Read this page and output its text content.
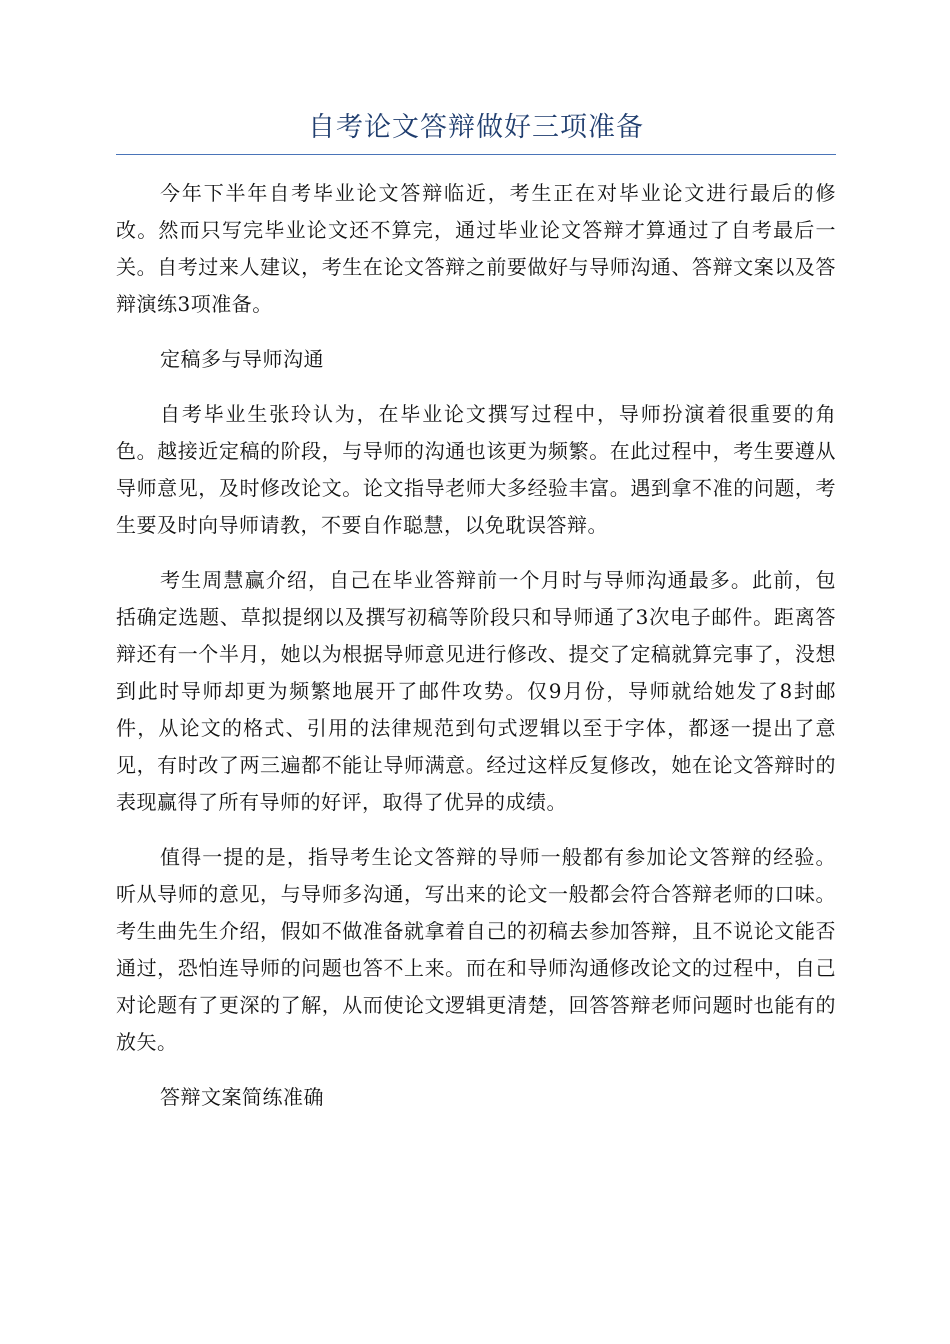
自考论文答辩做好三项准备

今年下半年自考毕业论文答辩临近，考生正在对毕业论文进行最后的修改。然而只写完毕业论文还不算完，通过毕业论文答辩才算通过了自考最后一关。自考过来人建议，考生在论文答辩之前要做好与导师沟通、答辩文案以及答辩演练3项准备。

定稿多与导师沟通

自考毕业生张玲认为，在毕业论文撰写过程中，导师扮演着很重要的角色。越接近定稿的阶段，与导师的沟通也该更为频繁。在此过程中，考生要遵从导师意见，及时修改论文。论文指导老师大多经验丰富。遇到拿不准的问题，考生要及时向导师请教，不要自作聪慧，以免耽误答辩。

考生周慧赢介绍，自己在毕业答辩前一个月时与导师沟通最多。此前，包括确定选题、草拟提纲以及撰写初稿等阶段只和导师通了3次电子邮件。距离答辩还有一个半月，她以为根据导师意见进行修改、提交了定稿就算完事了，没想到此时导师却更为频繁地展开了邮件攻势。仅9月份，导师就给她发了8封邮件，从论文的格式、引用的法律规范到句式逻辑以至于字体，都逐一提出了意见，有时改了两三遍都不能让导师满意。经过这样反复修改，她在论文答辩时的表现赢得了所有导师的好评，取得了优异的成绩。

值得一提的是，指导考生论文答辩的导师一般都有参加论文答辩的经验。听从导师的意见，与导师多沟通，写出来的论文一般都会符合答辩老师的口味。考生曲先生介绍，假如不做准备就拿着自己的初稿去参加答辩，且不说论文能否通过，恐怕连导师的问题也答不上来。而在和导师沟通修改论文的过程中，自己对论题有了更深的了解，从而使论文逻辑更清楚，回答答辩老师问题时也能有的放矢。

答辩文案简练准确
